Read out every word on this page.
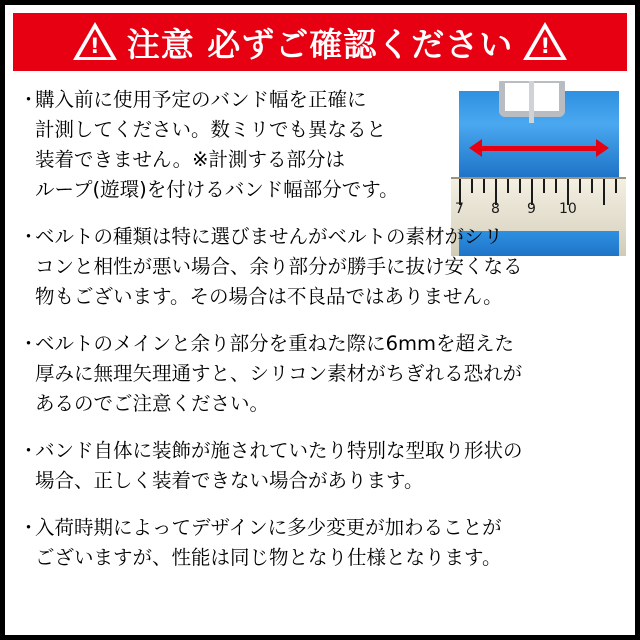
! 注意 必ずご確認ください	!
7 8 9 10
・
購入前に使用予定のバンド幅を正確に
計測してください。数ミリでも異なると
装着できません。※計測する部分は
ループ(遊環)を付けるバンド幅部分です。
・
ベルトの種類は特に選びませんがベルトの素材がシリ
コンと相性が悪い場合、余り部分が勝手に抜け安くなる
物もございます。その場合は不良品ではありません。
・
ベルトのメインと余り部分を重ねた際に6mmを超えた
厚みに無理矢理通すと、シリコン素材がちぎれる恐れが
あるのでご注意ください。
・
バンド自体に装飾が施されていたり特別な型取り形状の
場合、正しく装着できない場合があります。
・
入荷時期によってデザインに多少変更が加わることが
ございますが、性能は同じ物となり仕様となります。
